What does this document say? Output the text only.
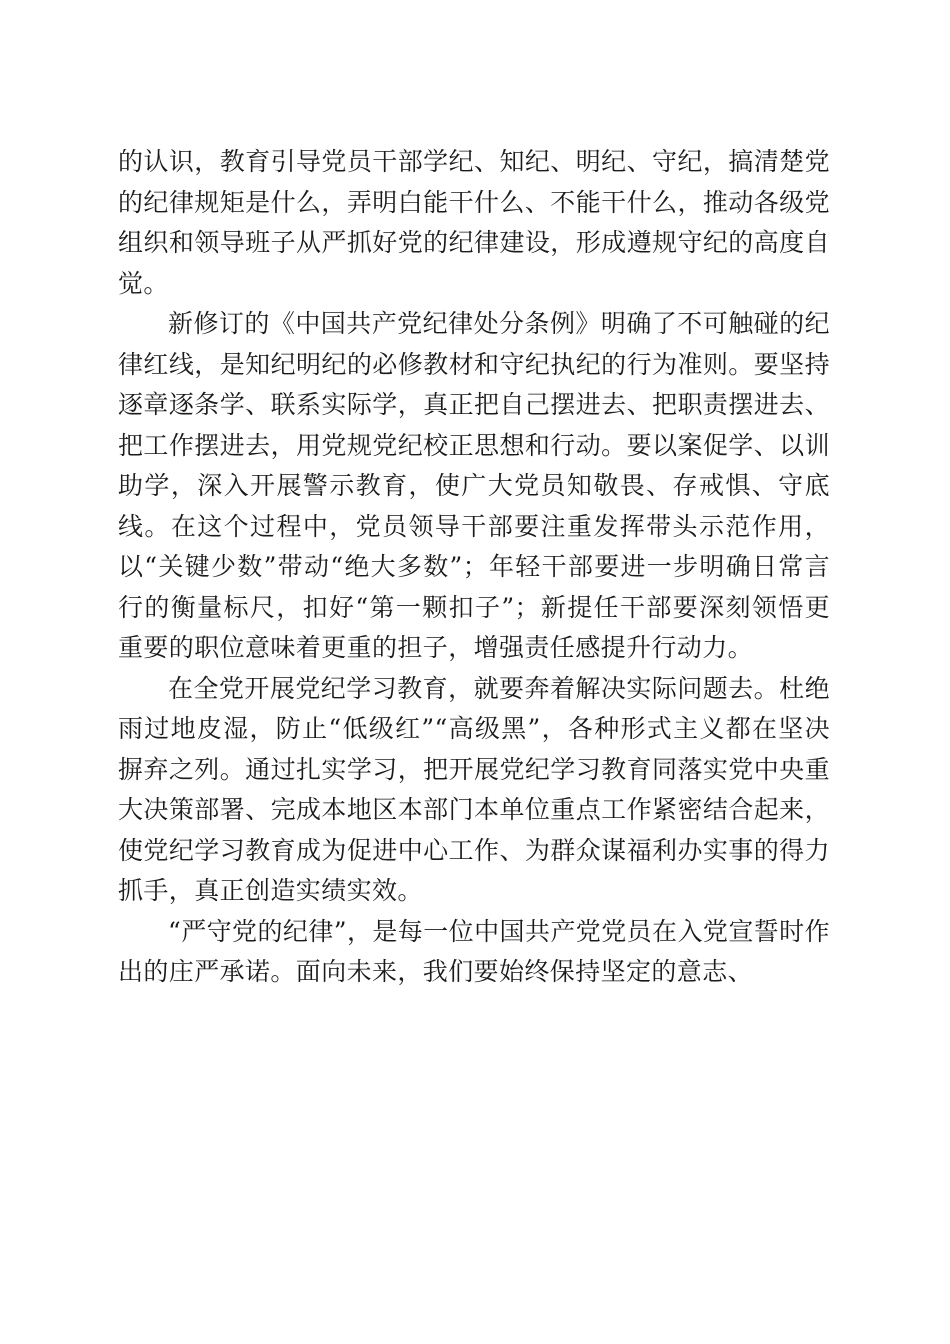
的认识，教育引导党员干部学纪、知纪、明纪、守纪，搞清楚党的纪律规矩是什么，弄明白能干什么、不能干什么，推动各级党组织和领导班子从严抓好党的纪律建设，形成遵规守纪的高度自觉。

新修订的《中国共产党纪律处分条例》明确了不可触碰的纪律红线，是知纪明纪的必修教材和守纪执纪的行为准则。要坚持逐章逐条学、联系实际学，真正把自己摆进去、把职责摆进去、把工作摆进去，用党规党纪校正思想和行动。要以案促学、以训助学，深入开展警示教育，使广大党员知敬畏、存戒惧、守底线。在这个过程中，党员领导干部要注重发挥带头示范作用，以“关键少数”带动“绝大多数”；年轻干部要进一步明确日常言行的衡量标尺，扣好“第一颗扣子”；新提任干部要深刻领悟更重要的职位意味着更重的担子，增强责任感提升行动力。

在全党开展党纪学习教育，就要奔着解决实际问题去。杜绝雨过地皮湿，防止“低级红”“高级黑”，各种形式主义都在坚决摒弃之列。通过扎实学习，把开展党纪学习教育同落实党中央重大决策部署、完成本地区本部门本单位重点工作紧密结合起来，使党纪学习教育成为促进中心工作、为群众谋福利办实事的得力抓手，真正创造实绩实效。

“严守党的纪律”，是每一位中国共产党党员在入党宣誓时作出的庄严承诺。面向未来，我们要始终保持坚定的意志、
